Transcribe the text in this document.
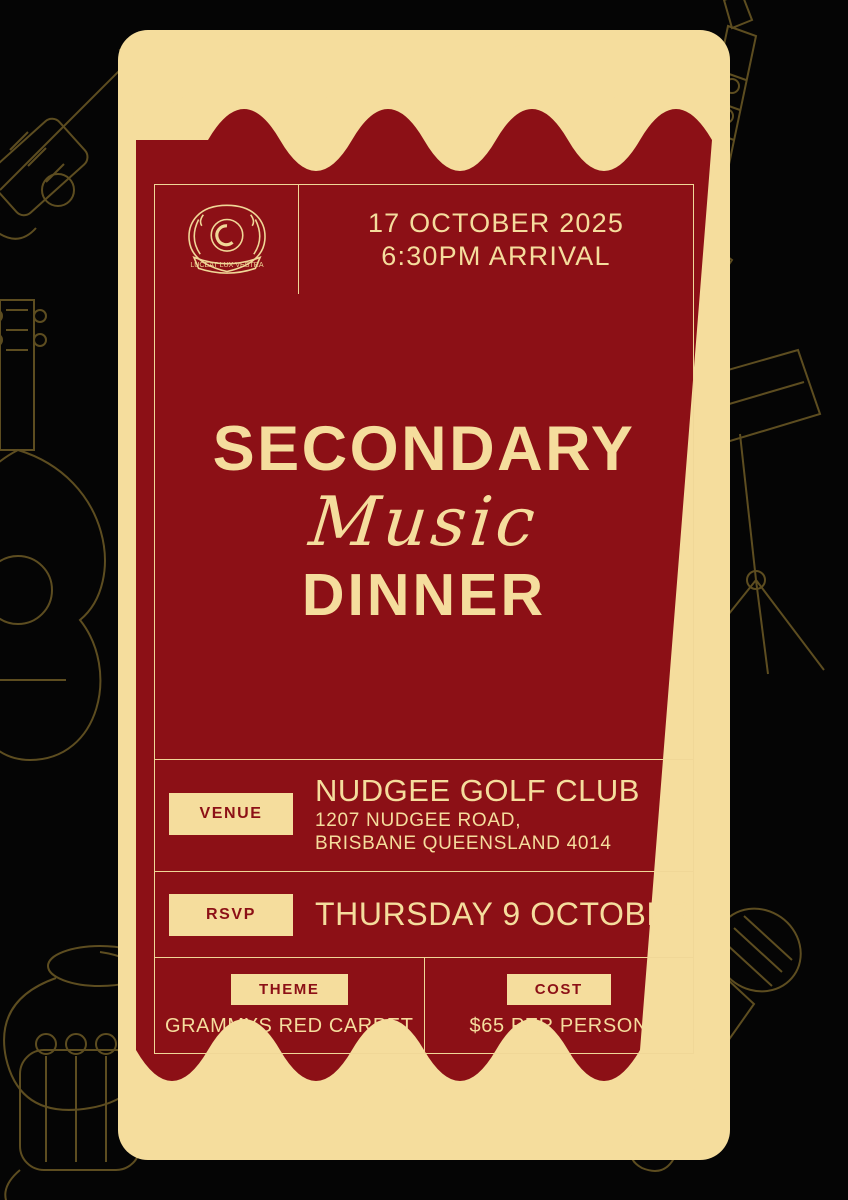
LUCEAT LUX VESTRA
17 OCTOBER 2025
6:30PM ARRIVAL
SECONDARY
Music
DINNER
VENUE
NUDGEE GOLF CLUB
1207 NUDGEE ROAD,
BRISBANE QUEENSLAND 4014
RSVP	THURSDAY 9 OCTOBER
THEME
GRAMMYS RED CARPET
COST
$65 PER PERSON
